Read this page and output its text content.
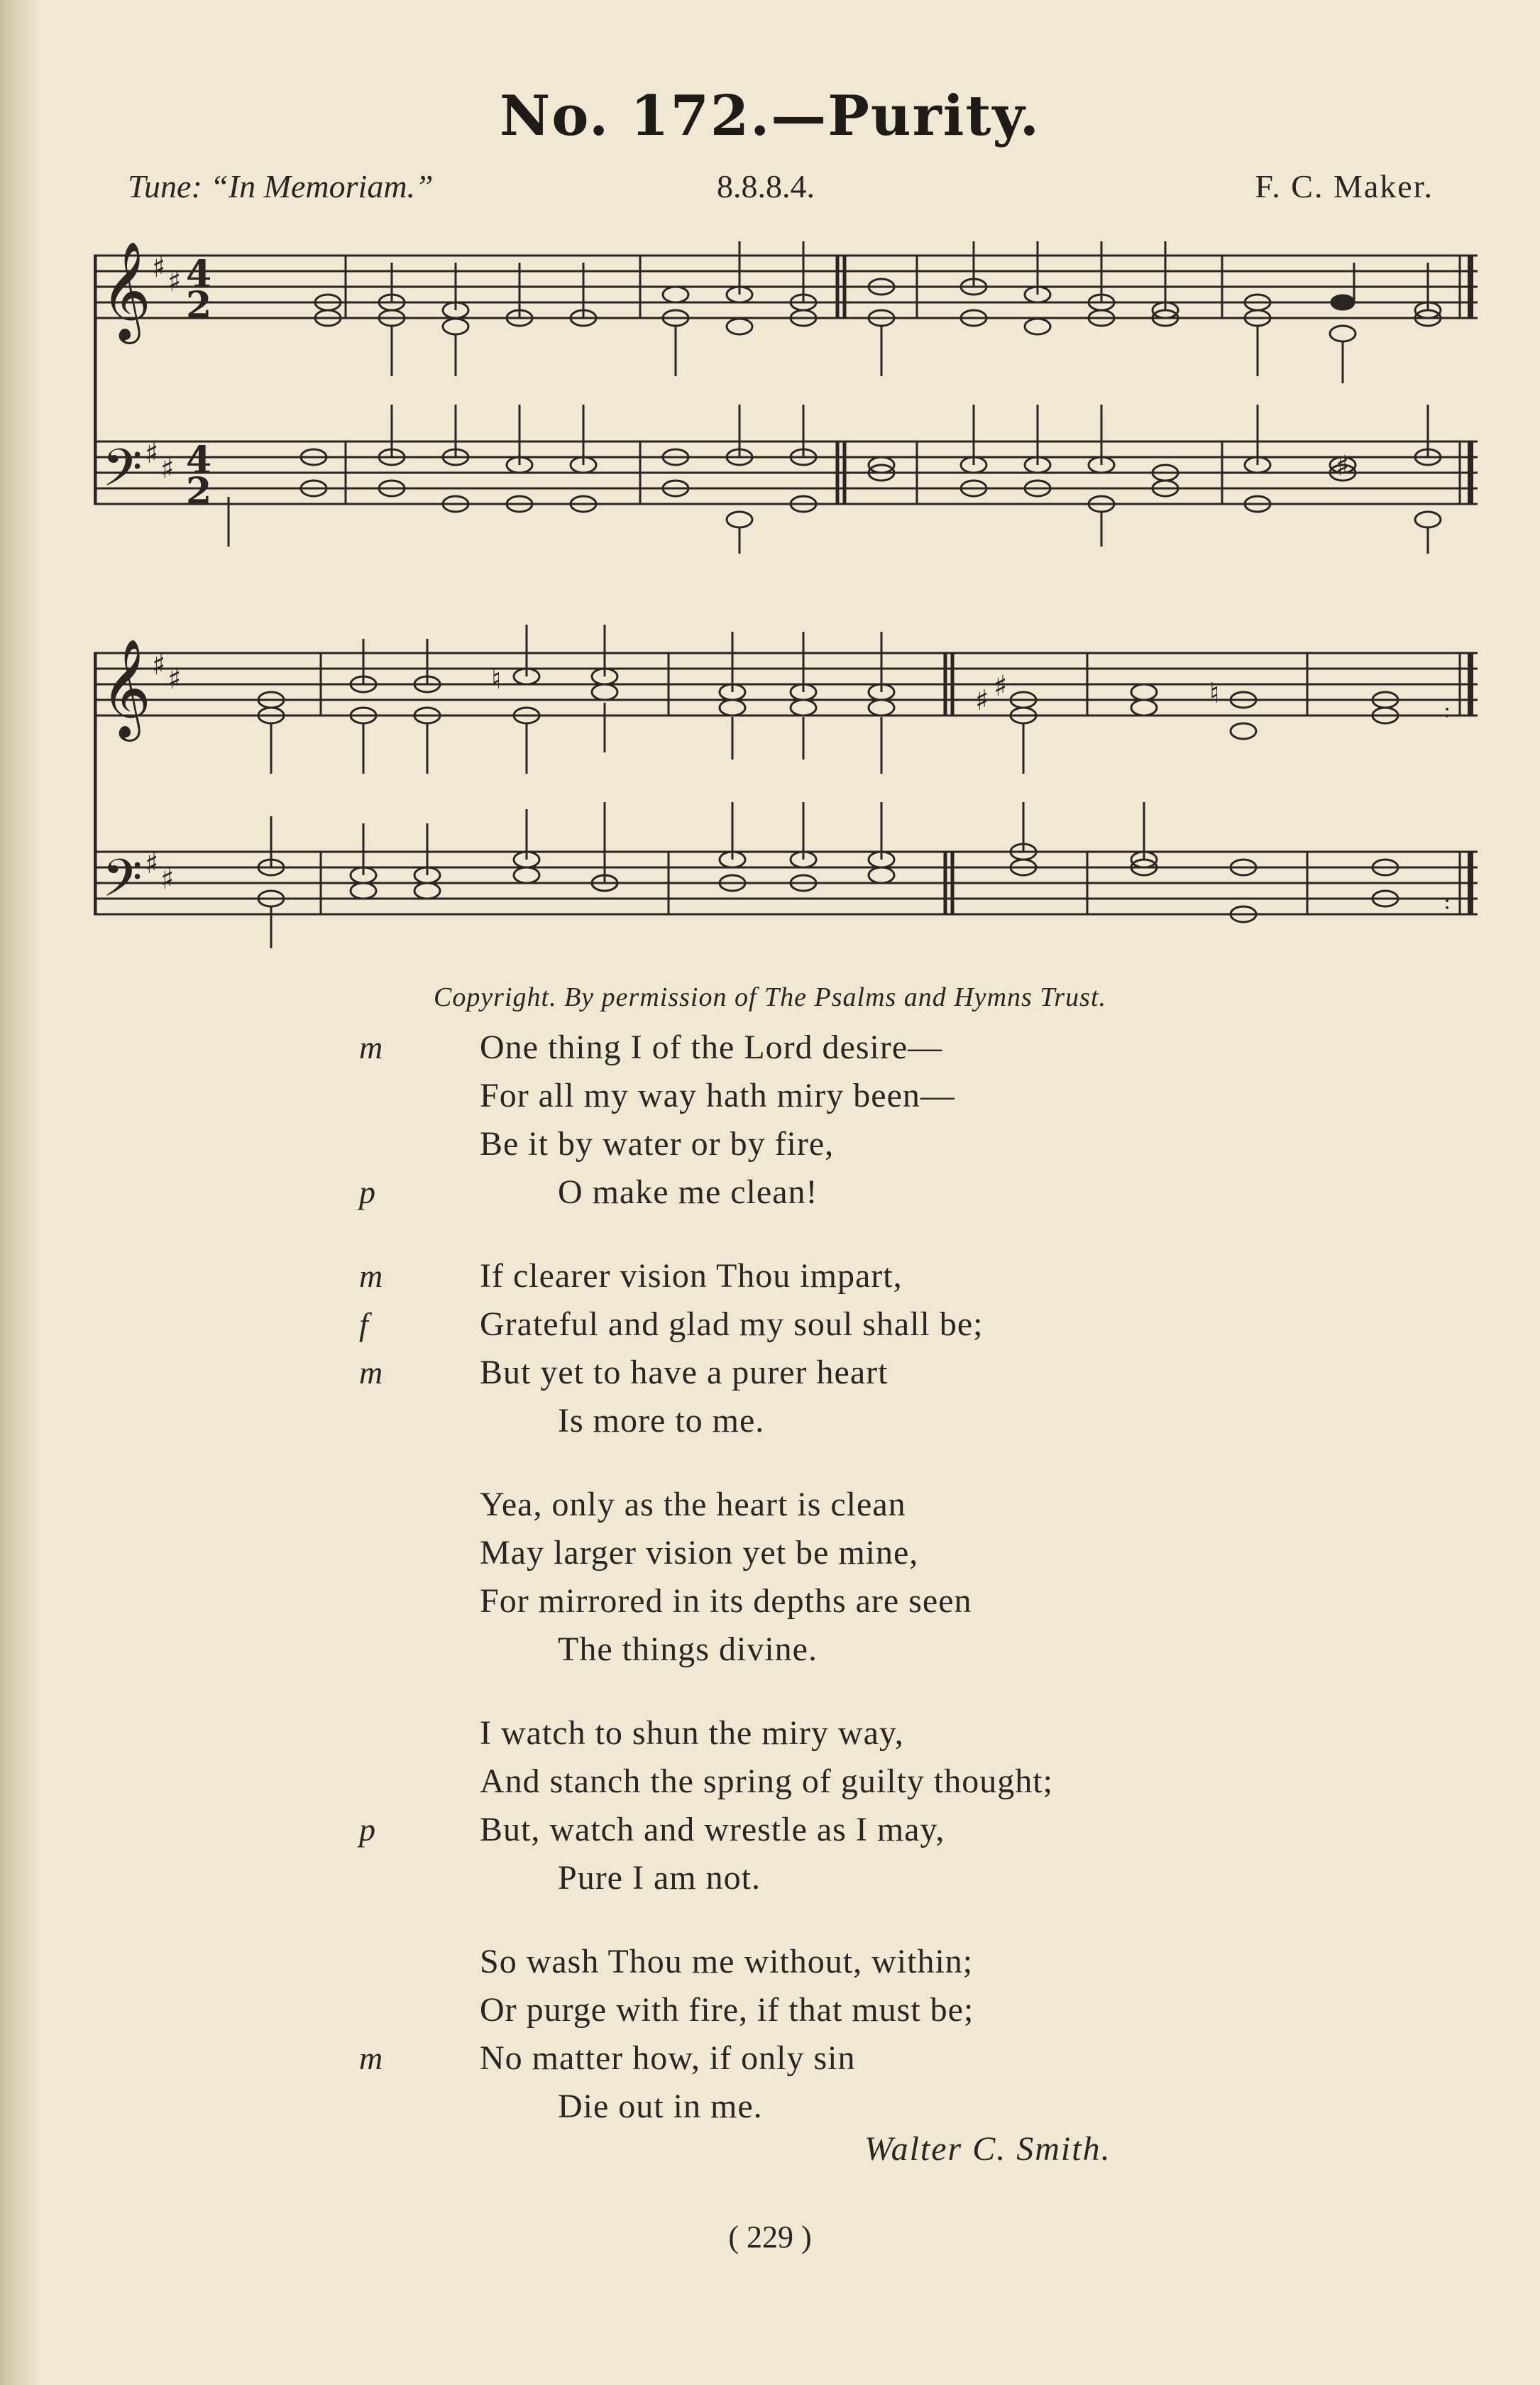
No. 172.—Purity.
Tune: “In Memoriam.”	8.8.8.4.	F. C. Maker.
𝄞
𝄢
♯ ♯
♯ ♯
4
2
4
2
♯
𝄞
𝄢
♯ ♯
♯ ♯
♮
♯ ♯	♮
:
:
Copyright. By permission of The Psalms and Hymns Trust.
m	One thing I of the Lord desire—
For all my way hath miry been—
Be it by water or by fire,
p	O make me clean!
m	If clearer vision Thou impart,
f	Grateful and glad my soul shall be;
m	But yet to have a purer heart
Is more to me.
Yea, only as the heart is clean
May larger vision yet be mine,
For mirrored in its depths are seen
The things divine.
I watch to shun the miry way,
And stanch the spring of guilty thought;
p	But, watch and wrestle as I may,
Pure I am not.
So wash Thou me without, within;
Or purge with fire, if that must be;
m	No matter how, if only sin
Die out in me.
Walter C. Smith.
( 229 )
